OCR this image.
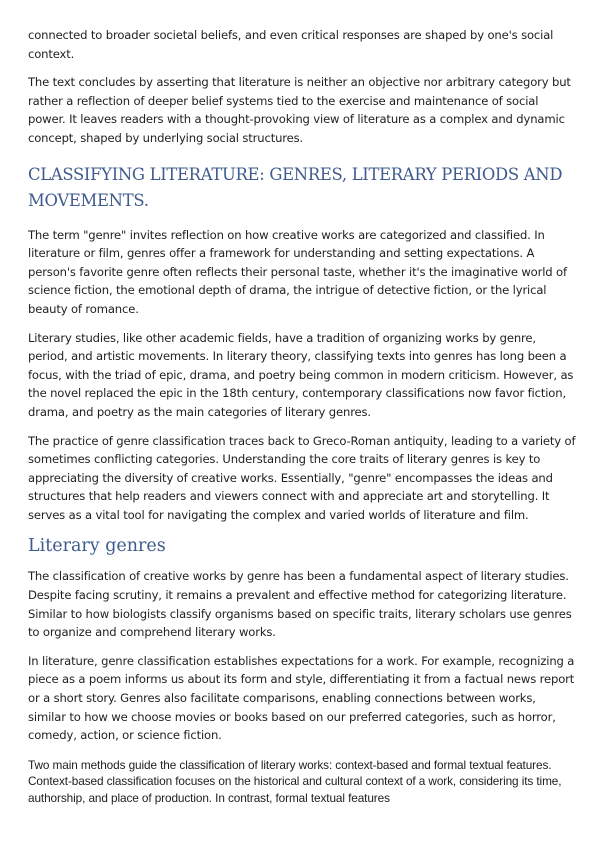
connected to broader societal beliefs, and even critical responses are shaped by one's social context.

The text concludes by asserting that literature is neither an objective nor arbitrary category but rather a reflection of deeper belief systems tied to the exercise and maintenance of social power. It leaves readers with a thought-provoking view of literature as a complex and dynamic concept, shaped by underlying social structures.

CLASSIFYING LITERATURE: GENRES, LITERARY PERIODS AND MOVEMENTS.

The term "genre" invites reflection on how creative works are categorized and classified. In literature or film, genres offer a framework for understanding and setting expectations. A person's favorite genre often reflects their personal taste, whether it's the imaginative world of science fiction, the emotional depth of drama, the intrigue of detective fiction, or the lyrical beauty of romance.

Literary studies, like other academic fields, have a tradition of organizing works by genre, period, and artistic movements. In literary theory, classifying texts into genres has long been a focus, with the triad of epic, drama, and poetry being common in modern criticism. However, as the novel replaced the epic in the 18th century, contemporary classifications now favor fiction, drama, and poetry as the main categories of literary genres.

The practice of genre classification traces back to Greco-Roman antiquity, leading to a variety of sometimes conflicting categories. Understanding the core traits of literary genres is key to appreciating the diversity of creative works. Essentially, "genre" encompasses the ideas and structures that help readers and viewers connect with and appreciate art and storytelling. It serves as a vital tool for navigating the complex and varied worlds of literature and film.

Literary genres

The classification of creative works by genre has been a fundamental aspect of literary studies. Despite facing scrutiny, it remains a prevalent and effective method for categorizing literature. Similar to how biologists classify organisms based on specific traits, literary scholars use genres to organize and comprehend literary works.

In literature, genre classification establishes expectations for a work. For example, recognizing a piece as a poem informs us about its form and style, differentiating it from a factual news report or a short story. Genres also facilitate comparisons, enabling connections between works, similar to how we choose movies or books based on our preferred categories, such as horror, comedy, action, or science fiction.

Two main methods guide the classification of literary works: context-based and formal textual features. Context-based classification focuses on the historical and cultural context of a work, considering its time, authorship, and place of production. In contrast, formal textual features
